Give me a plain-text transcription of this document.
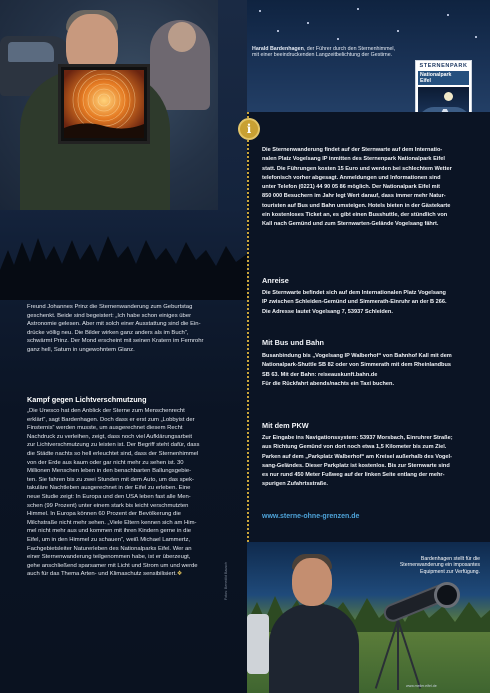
Harald Bardenhagen, der Führer durch den Sternenhimmel, mit einer beeindruckenden Langzeitbelichtung der Gestirne.
STERNENPARK
Nationalpark
Eifel
i
Die Sternenwanderung findet auf der Sternwarte auf dem Internatio-
nalen Platz Vogelsang IP inmitten des Sternenpark Nationalpark Eifel
statt. Die Führungen kosten 15 Euro und werden bei schlechtem Wetter
telefonisch vorher abgesagt. Anmeldungen und Informationen sind
unter Telefon (0221) 44 90 05 86 möglich. Der Nationalpark Eifel mit
850 000 Besuchern im Jahr legt Wert darauf, dass immer mehr Natur-
touristen auf Bus und Bahn umsteigen. Hotels bieten in der Gästekarte
ein kostenloses Ticket an, es gibt einen Busshuttle, der stündlich von
Kall nach Gemünd und zum Sternwarten-Gelände Vogelsang fährt.
Anreise
Die Sternwarte befindet sich auf dem Internationalen Platz Vogelsang
IP zwischen Schleiden-Gemünd und Simmerath-Einruhr an der B 266.
Die Adresse lautet Vogelsang 7, 53937 Schleiden.
Mit Bus und Bahn
Busanbindung bis „Vogelsang IP Walberhof“ von Bahnhof Kall mit dem
Nationalpark-Shuttle SB 82 oder von Simmerath mit dem Rheinlandbus
SB 63. Mit der Bahn: reiseauskunft.bahn.de
Für die Rückfahrt abends/nachts ein Taxi buchen.
Mit dem PKW
Zur Eingabe ins Navigationssystem: 53937 Morsbach, Einruhrer Straße;
aus Richtung Gemünd von dort noch etwa 1,5 Kilometer bis zum Ziel.
Parken auf dem „Parkplatz Walberhof“ am Kreisel außerhalb des Vogel-
sang-Geländes. Dieser Parkplatz ist kostenlos. Bis zur Sternwarte sind
es nur rund 450 Meter Fußweg auf der linken Seite entlang der mehr-
spurigen Zufahrtsstraße.
www.sterne-ohne-grenzen.de
Freund Johannes Prinz die Sternenwanderung zum Geburtstag
geschenkt. Beide sind begeistert: „Ich habe schon einiges über
Astronomie gelesen. Aber mit solch einer Ausstattung sind die Ein-
drücke völlig neu. Die Bilder wirken ganz anders als im Buch“,
schwärmt Prinz. Der Mond erscheint mit seinen Kratern im Fernrohr
ganz hell, Saturn in ungewohntem Glanz.
Kampf gegen Lichtverschmutzung
„Die Unesco hat den Anblick der Sterne zum Menschenrecht
erklärt“, sagt Bardenhagen. Doch dass er erst zum „Lobbyist der
Finsternis“ werden musste, um ausgerechnet diesem Recht
Nachdruck zu verleihen, zeigt, dass noch viel Aufklärungsarbeit
zur Lichtverschmutzung zu leisten ist. Der Begriff steht dafür, dass
die Städte nachts so hell erleuchtet sind, dass der Sternenhimmel
von der Erde aus kaum oder gar nicht mehr zu sehen ist. 30
Millionen Menschen leben in den benachbarten Ballungsgebie-
ten. Sie fahren bis zu zwei Stunden mit dem Auto, um das spek-
takuläre Nachtleben ausgerechnet in der Eifel zu erleben. Eine
neue Studie zeigt: In Europa und den USA leben fast alle Men-
schen (99 Prozent) unter einem stark bis leicht verschmutzten
Himmel. In Europa können 60 Prozent der Bevölkerung die
Milchstraße nicht mehr sehen. „Viele Eltern kennen sich am Him-
mel nicht mehr aus und kommen mit ihren Kindern gerne in die
Eifel, um in den Himmel zu schauen“, weiß Michael Lammertz,
Fachgebietsleiter Naturerleben des Nationalparks Eifel. Wer an
einer Sternenwanderung teilgenommen habe, ist er überzeugt,
gehe anschließend sparsamer mit Licht und Strom um und werde
auch für das Thema Arten- und Klimaschutz sensibilisiert.❖	Fotos: Benedikt Bausch
Bardenhagen stellt für die Sternenwanderung ein imposantes Equipment zur Verfügung.
www.meiler.eifel.de
